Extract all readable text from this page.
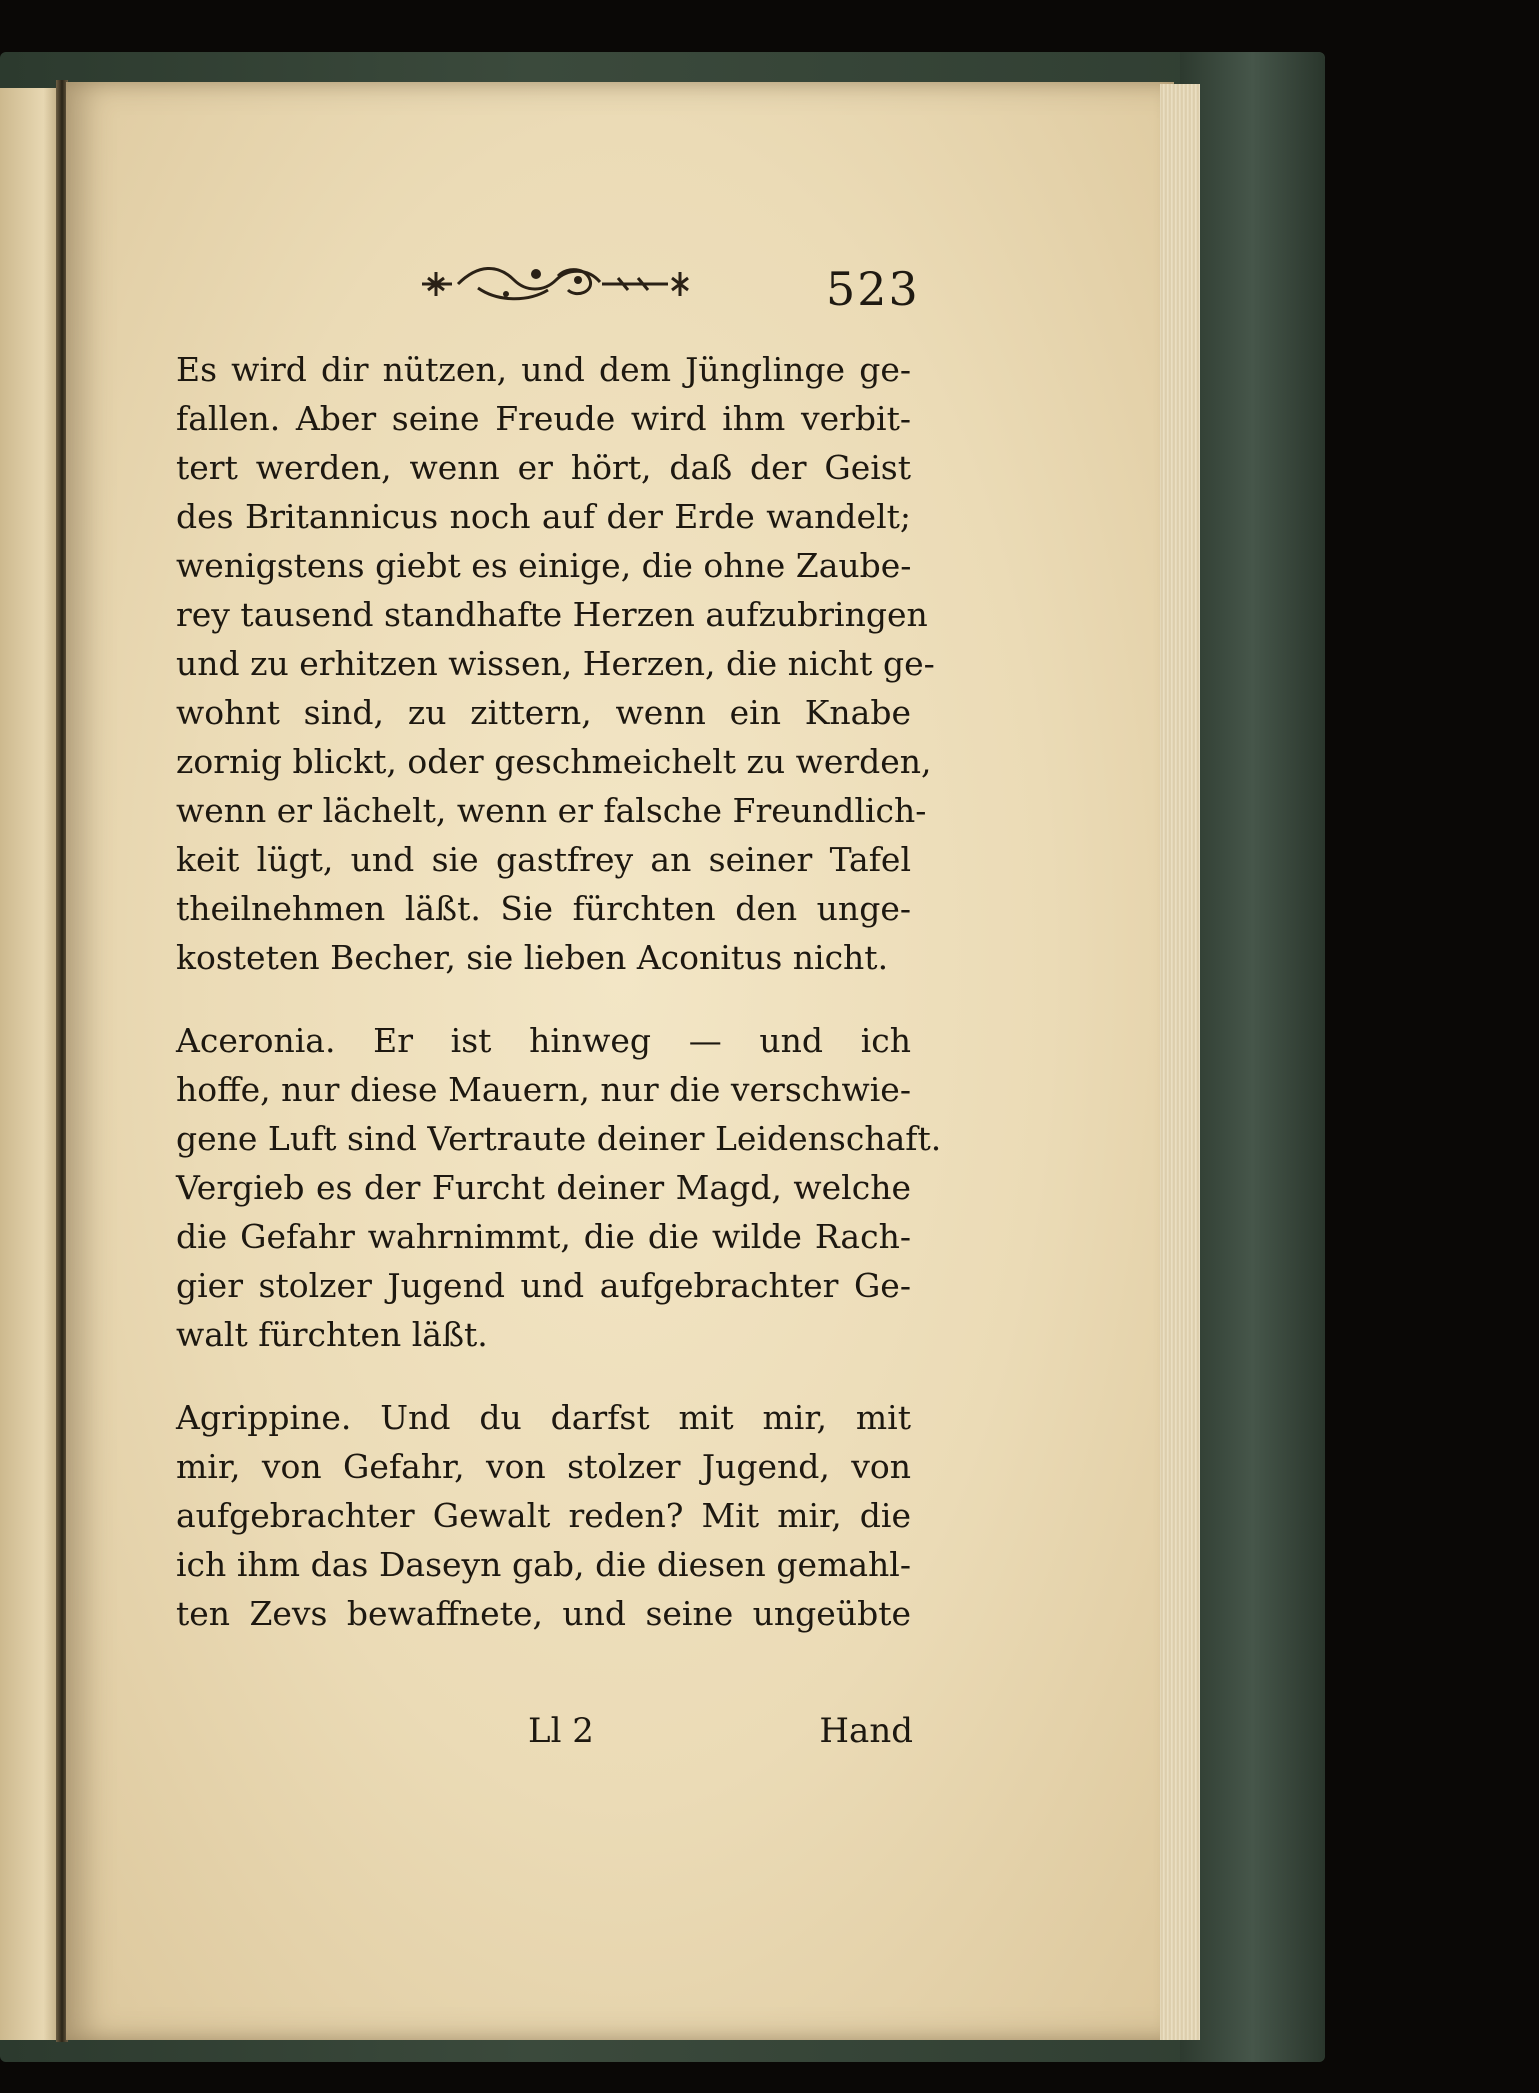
523
Es wird dir nützen, und dem Jünglinge ge-
fallen. Aber seine Freude wird ihm verbit-
tert werden, wenn er hört, daß der Geist
des Britannicus noch auf der Erde wandelt;
wenigstens giebt es einige, die ohne Zaube-
rey tausend standhafte Herzen aufzubringen
und zu erhitzen wissen, Herzen, die nicht ge-
wohnt sind, zu zittern, wenn ein Knabe
zornig blickt, oder geschmeichelt zu werden,
wenn er lächelt, wenn er falsche Freundlich-
keit lügt, und sie gastfrey an seiner Tafel
theilnehmen läßt. Sie fürchten den unge-
kosteten Becher, sie lieben Aconitus nicht.
Aceronia. Er ist hinweg — und ich
hoffe, nur diese Mauern, nur die verschwie-
gene Luft sind Vertraute deiner Leidenschaft.
Vergieb es der Furcht deiner Magd, welche
die Gefahr wahrnimmt, die die wilde Rach-
gier stolzer Jugend und aufgebrachter Ge-
walt fürchten läßt.
Agrippine. Und du darfst mit mir, mit
mir, von Gefahr, von stolzer Jugend, von
aufgebrachter Gewalt reden? Mit mir, die
ich ihm das Daseyn gab, die diesen gemahl-
ten Zevs bewaffnete, und seine ungeübte
Ll 2	Hand
